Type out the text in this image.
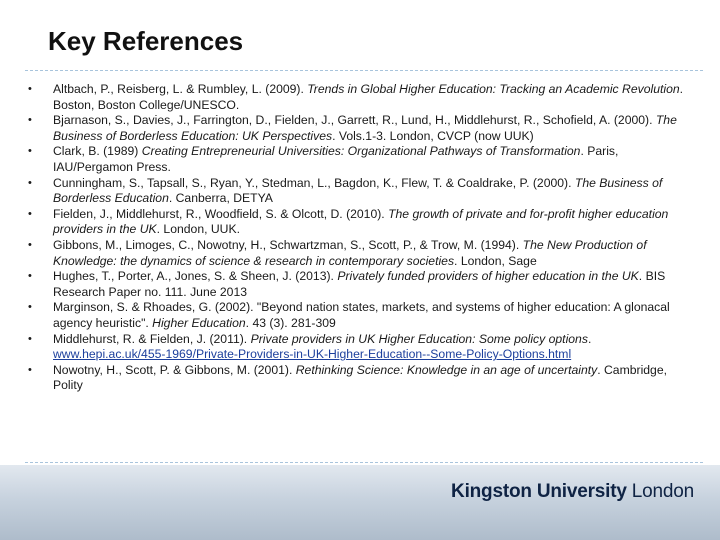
Key References
• Altbach, P., Reisberg, L. & Rumbley, L. (2009). Trends in Global Higher Education: Tracking an Academic Revolution. Boston, Boston College/UNESCO.
• Bjarnason, S., Davies, J., Farrington, D., Fielden, J., Garrett, R., Lund, H., Middlehurst, R., Schofield, A. (2000). The Business of Borderless Education: UK Perspectives. Vols.1-3. London, CVCP (now UUK)
• Clark, B. (1989) Creating Entrepreneurial Universities: Organizational Pathways of Transformation. Paris, IAU/Pergamon Press.
• Cunningham, S., Tapsall, S., Ryan, Y., Stedman, L., Bagdon, K., Flew, T. & Coaldrake, P. (2000). The Business of Borderless Education. Canberra, DETYA
• Fielden, J., Middlehurst, R., Woodfield, S. & Olcott, D. (2010). The growth of private and for-profit higher education providers in the UK. London, UUK.
• Gibbons, M., Limoges, C., Nowotny, H., Schwartzman, S., Scott, P., & Trow, M. (1994). The New Production of Knowledge: the dynamics of science & research in contemporary societies. London, Sage
• Hughes, T., Porter, A., Jones, S. & Sheen, J. (2013). Privately funded providers of higher education in the UK. BIS Research Paper no. 111. June 2013
• Marginson, S. & Rhoades, G. (2002). "Beyond nation states, markets, and systems of higher education: A glonacal agency heuristic". Higher Education. 43 (3). 281-309
• Middlehurst, R. & Fielden, J. (2011). Private providers in UK Higher Education: Some policy options.
www.hepi.ac.uk/455-1969/Private-Providers-in-UK-Higher-Education--Some-Policy-Options.html
• Nowotny, H., Scott, P. & Gibbons, M. (2001). Rethinking Science: Knowledge in an age of uncertainty. Cambridge, Polity
Kingston University London
